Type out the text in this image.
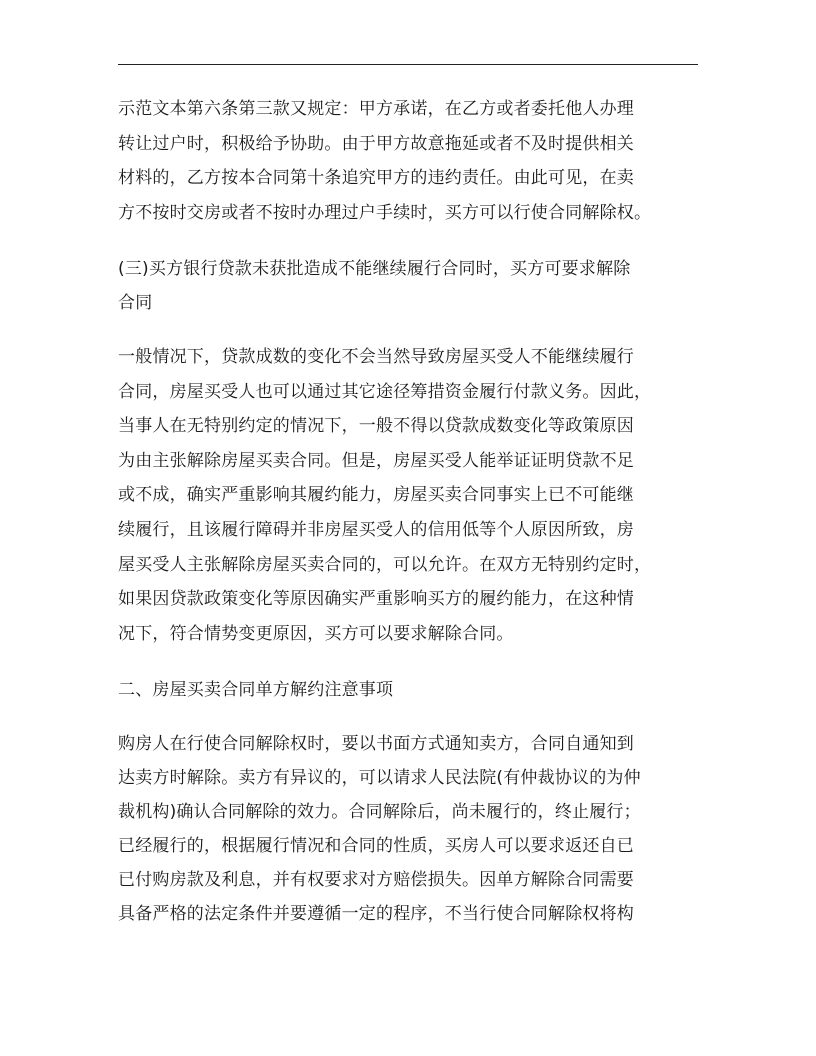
示范文本第六条第三款又规定：甲方承诺，在乙方或者委托他人办理
转让过户时，积极给予协助。由于甲方故意拖延或者不及时提供相关
材料的，乙方按本合同第十条追究甲方的违约责任。由此可见，在卖
方不按时交房或者不按时办理过户手续时，买方可以行使合同解除权。
(三)买方银行贷款未获批造成不能继续履行合同时，买方可要求解除
合同
一般情况下，贷款成数的变化不会当然导致房屋买受人不能继续履行
合同，房屋买受人也可以通过其它途径筹措资金履行付款义务。因此，
当事人在无特别约定的情况下，一般不得以贷款成数变化等政策原因
为由主张解除房屋买卖合同。但是，房屋买受人能举证证明贷款不足
或不成，确实严重影响其履约能力，房屋买卖合同事实上已不可能继
续履行，且该履行障碍并非房屋买受人的信用低等个人原因所致，房
屋买受人主张解除房屋买卖合同的，可以允许。在双方无特别约定时，
如果因贷款政策变化等原因确实严重影响买方的履约能力，在这种情
况下，符合情势变更原因，买方可以要求解除合同。
二、房屋买卖合同单方解约注意事项
购房人在行使合同解除权时，要以书面方式通知卖方，合同自通知到
达卖方时解除。卖方有异议的，可以请求人民法院(有仲裁协议的为仲
裁机构)确认合同解除的效力。合同解除后，尚未履行的，终止履行；
已经履行的，根据履行情况和合同的性质，买房人可以要求返还自已
已付购房款及利息，并有权要求对方赔偿损失。因单方解除合同需要
具备严格的法定条件并要遵循一定的程序，不当行使合同解除权将构
